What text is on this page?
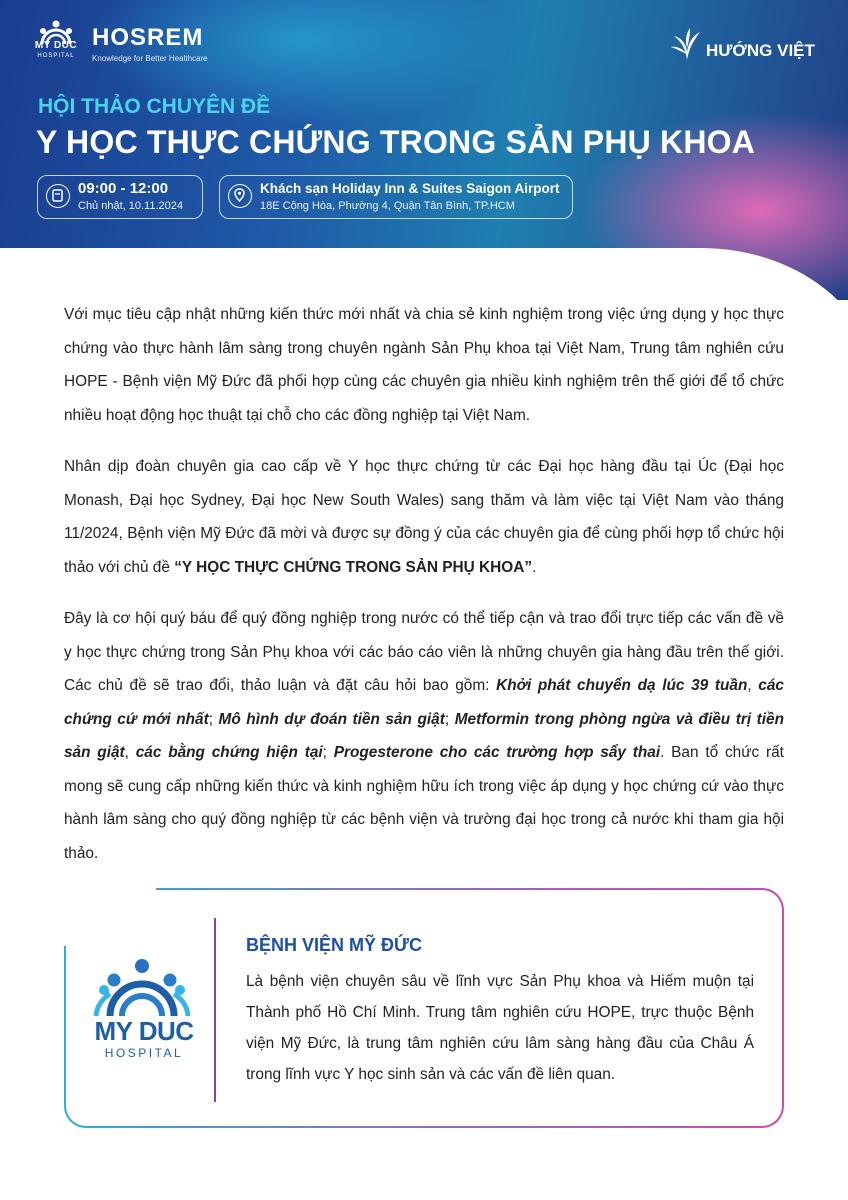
MY DUC
HOSPITAL
HOSREM
Knowledge for Better Healthcare	HƯỚNG VIỆT
HỘI THẢO CHUYÊN ĐỀ
Y HỌC THỰC CHỨNG TRONG SẢN PHỤ KHOA
09:00 - 12:00
Chủ nhật, 10.11.2024
Khách sạn Holiday Inn & Suites Saigon Airport
18E Cộng Hòa, Phường 4, Quận Tân Bình, TP.HCM

Với mục tiêu cập nhật những kiến thức mới nhất và chia sẻ kinh nghiệm trong việc ứng dụng y học thực chứng vào thực hành lâm sàng trong chuyên ngành Sản Phụ khoa tại Việt Nam, Trung tâm nghiên cứu HOPE - Bệnh viện Mỹ Đức đã phối hợp cùng các chuyên gia nhiều kinh nghiệm trên thế giới để tổ chức nhiều hoạt động học thuật tại chỗ cho các đồng nghiệp tại Việt Nam.

Nhân dịp đoàn chuyên gia cao cấp về Y học thực chứng từ các Đại học hàng đầu tại Úc (Đại học Monash, Đại học Sydney, Đại học New South Wales) sang thăm và làm việc tại Việt Nam vào tháng 11/2024, Bệnh viện Mỹ Đức đã mời và được sự đồng ý của các chuyên gia để cùng phối hợp tổ chức hội thảo với chủ đề “Y HỌC THỰC CHỨNG TRONG SẢN PHỤ KHOA”.

Đây là cơ hội quý báu để quý đồng nghiệp trong nước có thể tiếp cận và trao đổi trực tiếp các vấn đề về y học thực chứng trong Sản Phụ khoa với các báo cáo viên là những chuyên gia hàng đầu trên thế giới. Các chủ đề sẽ trao đổi, thảo luận và đặt câu hỏi bao gồm: Khởi phát chuyển dạ lúc 39 tuần, các chứng cứ mới nhất; Mô hình dự đoán tiền sản giật; Metformin trong phòng ngừa và điều trị tiền sản giật, các bằng chứng hiện tại; Progesterone cho các trường hợp sẩy thai. Ban tổ chức rất mong sẽ cung cấp những kiến thức và kinh nghiệm hữu ích trong việc áp dụng y học chứng cứ vào thực hành lâm sàng cho quý đồng nghiệp từ các bệnh viện và trường đại học trong cả nước khi tham gia hội thảo.

MY DUC
HOSPITAL
BỆNH VIỆN MỸ ĐỨC
Là bệnh viện chuyên sâu về lĩnh vực Sản Phụ khoa và Hiếm muộn tại Thành phố Hồ Chí Minh. Trung tâm nghiên cứu HOPE, trực thuộc Bệnh viện Mỹ Đức, là trung tâm nghiên cứu lâm sàng hàng đầu của Châu Á trong lĩnh vực Y học sinh sản và các vấn đề liên quan.
